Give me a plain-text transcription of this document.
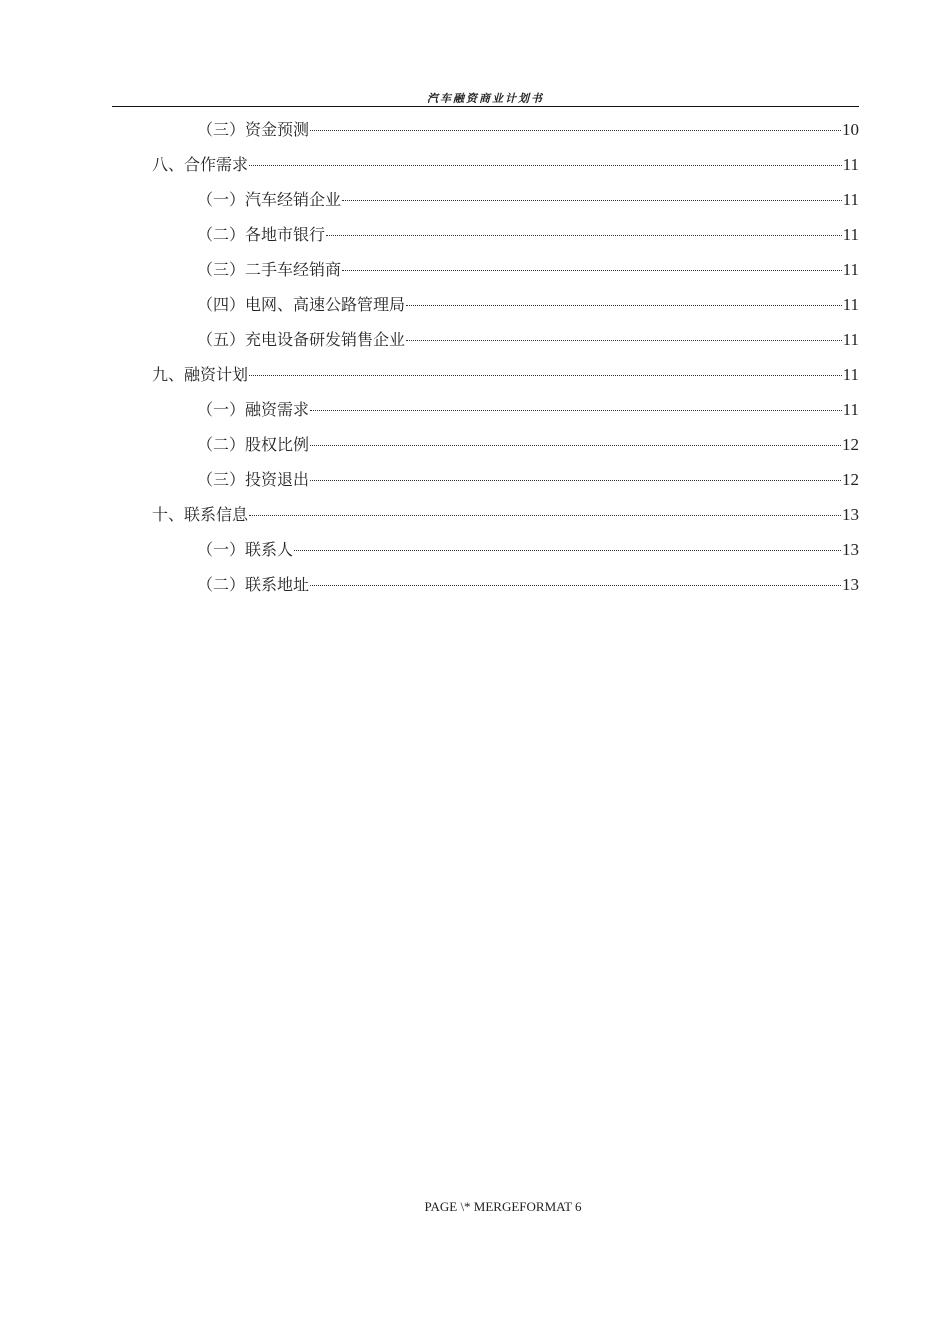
汽车融资商业计划书
（三）资金预测	10
八、合作需求	11
（一）汽车经销企业	11
（二）各地市银行	11
（三）二手车经销商	11
（四）电网、高速公路管理局	11
（五）充电设备研发销售企业	11
九、融资计划	11
（一）融资需求	11
（二）股权比例	12
（三）投资退出	12
十、联系信息	13
（一）联系人	13
（二）联系地址	13
PAGE \* MERGEFORMAT 6
